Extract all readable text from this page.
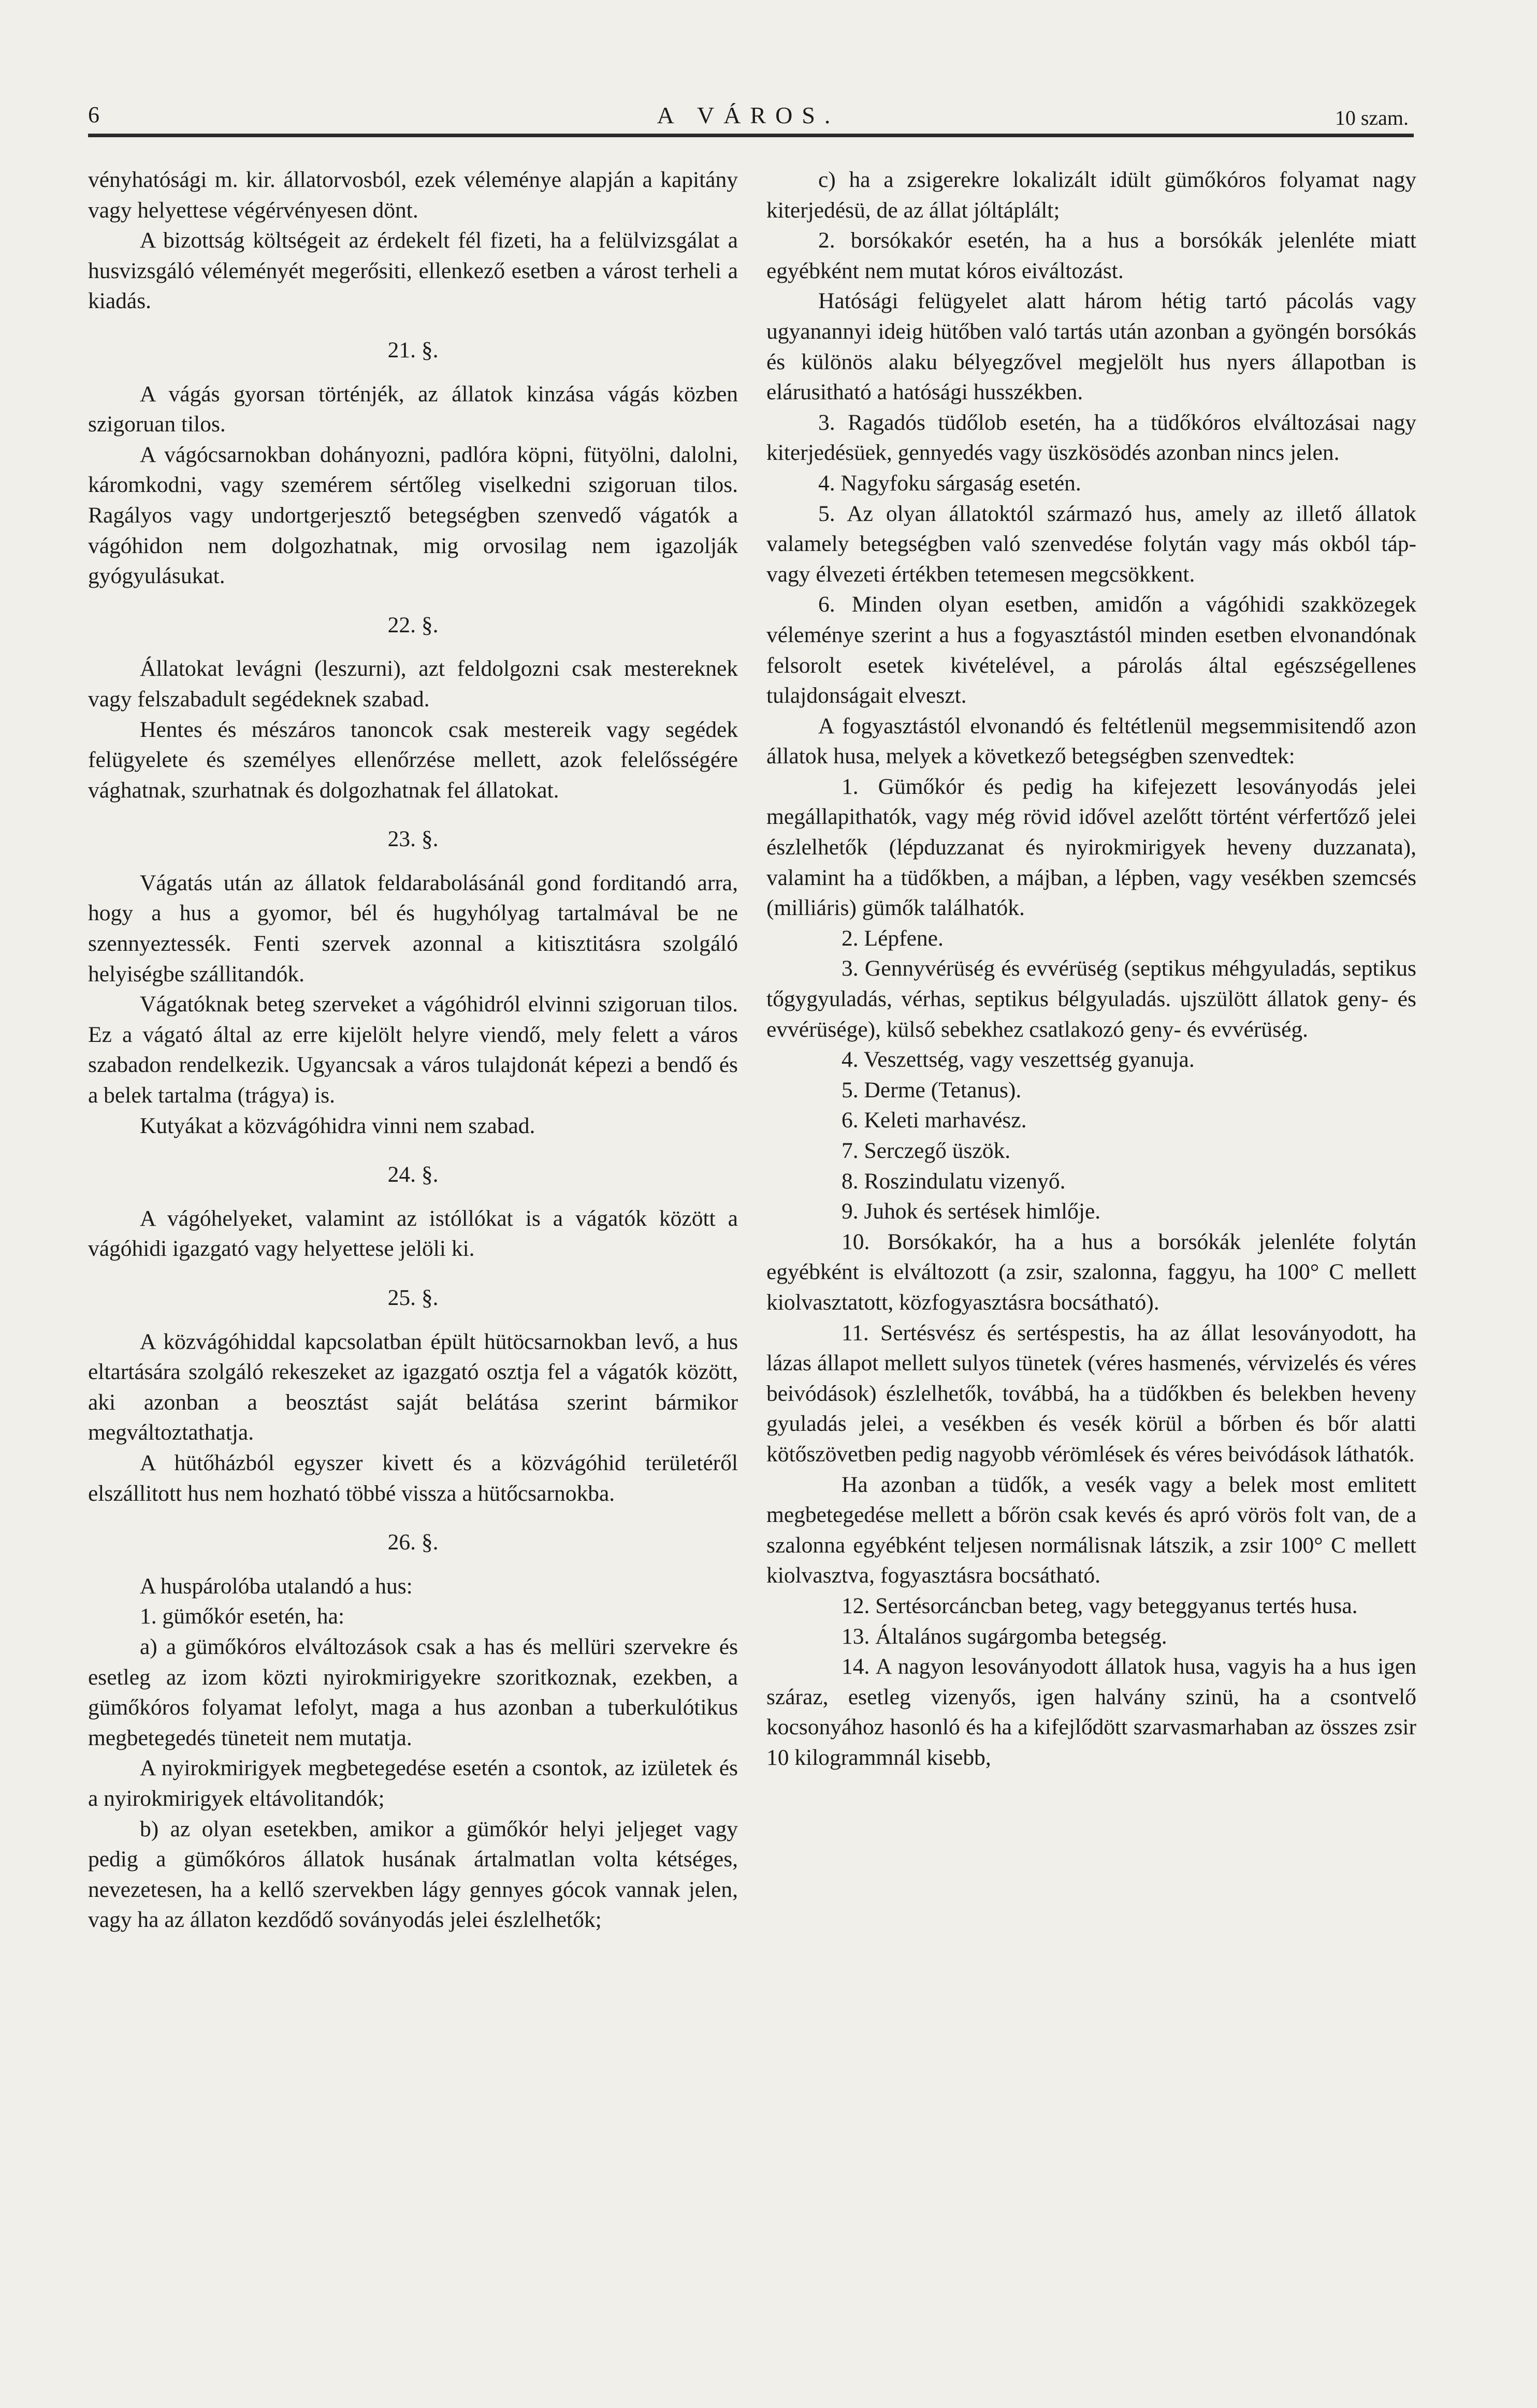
6	A VÁROS.	10 szam.

vényhatósági m. kir. állatorvosból, ezek véleménye alapján a kapitány vagy helyettese végérvényesen dönt.

A bizottság költségeit az érdekelt fél fizeti, ha a felülvizsgálat a husvizsgáló véleményét megerősiti, ellenkező esetben a várost terheli a kiadás.

21. §.

A vágás gyorsan történjék, az állatok kinzása vágás közben szigoruan tilos.

A vágócsarnokban dohányozni, padlóra köpni, fütyölni, dalolni, káromkodni, vagy szemérem sértőleg viselkedni szigoruan tilos. Ragályos vagy undortgerjesztő betegségben szenvedő vágatók a vágóhidon nem dolgozhatnak, mig orvosilag nem igazolják gyógyulásukat.

22. §.

Állatokat levágni (leszurni), azt feldolgozni csak mestereknek vagy felszabadult segédeknek szabad.

Hentes és mészáros tanoncok csak mestereik vagy segédek felügyelete és személyes ellenőrzése mellett, azok felelősségére vághatnak, szurhatnak és dolgozhatnak fel állatokat.

23. §.

Vágatás után az állatok feldarabolásánál gond forditandó arra, hogy a hus a gyomor, bél és hugyhólyag tartalmával be ne szennyeztessék. Fenti szervek azonnal a kitisztitásra szolgáló helyiségbe szállitandók.

Vágatóknak beteg szerveket a vágóhidról elvinni szigoruan tilos. Ez a vágató által az erre kijelölt helyre viendő, mely felett a város szabadon rendelkezik. Ugyancsak a város tulajdonát képezi a bendő és a belek tartalma (trágya) is.

Kutyákat a közvágóhidra vinni nem szabad.

24. §.

A vágóhelyeket, valamint az istóllókat is a vágatók között a vágóhidi igazgató vagy helyettese jelöli ki.

25. §.

A közvágóhiddal kapcsolatban épült hütöcsarnokban levő, a hus eltartására szolgáló rekeszeket az igazgató osztja fel a vágatók között, aki azonban a beosztást saját belátása szerint bármikor megváltoztathatja.

A hütőházból egyszer kivett és a közvágóhid területéről elszállitott hus nem hozható többé vissza a hütőcsarnokba.

26. §.

A huspárolóba utalandó a hus:

1. gümőkór esetén, ha:

a) a gümőkóros elváltozások csak a has és mellüri szervekre és esetleg az izom közti nyirokmirigyekre szoritkoznak, ezekben, a gümőkóros folyamat lefolyt, maga a hus azonban a tuberkulótikus megbetegedés tüneteit nem mutatja.

A nyirokmirigyek megbetegedése esetén a csontok, az izületek és a nyirokmirigyek eltávolitandók;

b) az olyan esetekben, amikor a gümőkór helyi jeljeget vagy pedig a gümőkóros állatok husának ártalmatlan volta kétséges, nevezetesen, ha a kellő szervekben lágy gennyes gócok vannak jelen, vagy ha az állaton kezdődő soványodás jelei észlelhetők;

c) ha a zsigerekre lokalizált idült gümőkóros folyamat nagy kiterjedésü, de az állat jóltáplált;

2. borsókakór esetén, ha a hus a borsókák jelenléte miatt egyébként nem mutat kóros eiváltozást.

Hatósági felügyelet alatt három hétig tartó pácolás vagy ugyanannyi ideig hütőben való tartás után azonban a gyöngén borsókás és különös alaku bélyegzővel megjelölt hus nyers állapotban is elárusitható a hatósági husszékben.

3. Ragadós tüdőlob esetén, ha a tüdőkóros elváltozásai nagy kiterjedésüek, gennyedés vagy üszkösödés azonban nincs jelen.

4. Nagyfoku sárgaság esetén.

5. Az olyan állatoktól származó hus, amely az illető állatok valamely betegségben való szenvedése folytán vagy más okból táp- vagy élvezeti értékben tetemesen megcsökkent.

6. Minden olyan esetben, amidőn a vágóhidi szakközegek véleménye szerint a hus a fogyasztástól minden esetben elvonandónak felsorolt esetek kivételével, a párolás által egészségellenes tulajdonságait elveszt.

A fogyasztástól elvonandó és feltétlenül megsemmisitendő azon állatok husa, melyek a következő betegségben szenvedtek:

1. Gümőkór és pedig ha kifejezett lesoványodás jelei megállapithatók, vagy még rövid idővel azelőtt történt vérfertőző jelei észlelhetők (lépduzzanat és nyirokmirigyek heveny duzzanata), valamint ha a tüdőkben, a májban, a lépben, vagy vesékben szemcsés (milliáris) gümők találhatók.

2. Lépfene.

3. Gennyvérüség és evvérüség (septikus méhgyuladás, septikus tőgygyuladás, vérhas, septikus bélgyuladás. ujszülött állatok geny- és evvérüsége), külső sebekhez csatlakozó geny- és evvérüség.

4. Veszettség, vagy veszettség gyanuja.

5. Derme (Tetanus).

6. Keleti marhavész.

7. Serczegő üszök.

8. Roszindulatu vizenyő.

9. Juhok és sertések himlője.

10. Borsókakór, ha a hus a borsókák jelenléte folytán egyébként is elváltozott (a zsir, szalonna, faggyu, ha 100° C mellett kiolvasztatott, közfogyasztásra bocsátható).

11. Sertésvész és sertéspestis, ha az állat lesoványodott, ha lázas állapot mellett sulyos tünetek (véres hasmenés, vérvizelés és véres beivódások) észlelhetők, továbbá, ha a tüdőkben és belekben heveny gyuladás jelei, a vesékben és vesék körül a bőrben és bőr alatti kötőszövetben pedig nagyobb vérömlések és véres beivódások láthatók.

Ha azonban a tüdők, a vesék vagy a belek most emlitett megbetegedése mellett a bőrön csak kevés és apró vörös folt van, de a szalonna egyébként teljesen normálisnak látszik, a zsir 100° C mellett kiolvasztva, fogyasztásra bocsátható.

12. Sertésorcáncban beteg, vagy beteggyanus tertés husa.

13. Általános sugárgomba betegség.

14. A nagyon lesoványodott állatok husa, vagyis ha a hus igen száraz, esetleg vizenyős, igen halvány szinü, ha a csontvelő kocsonyához hasonló és ha a kifejlődött szarvasmarhaban az összes zsir 10 kilogrammnál kisebb,
